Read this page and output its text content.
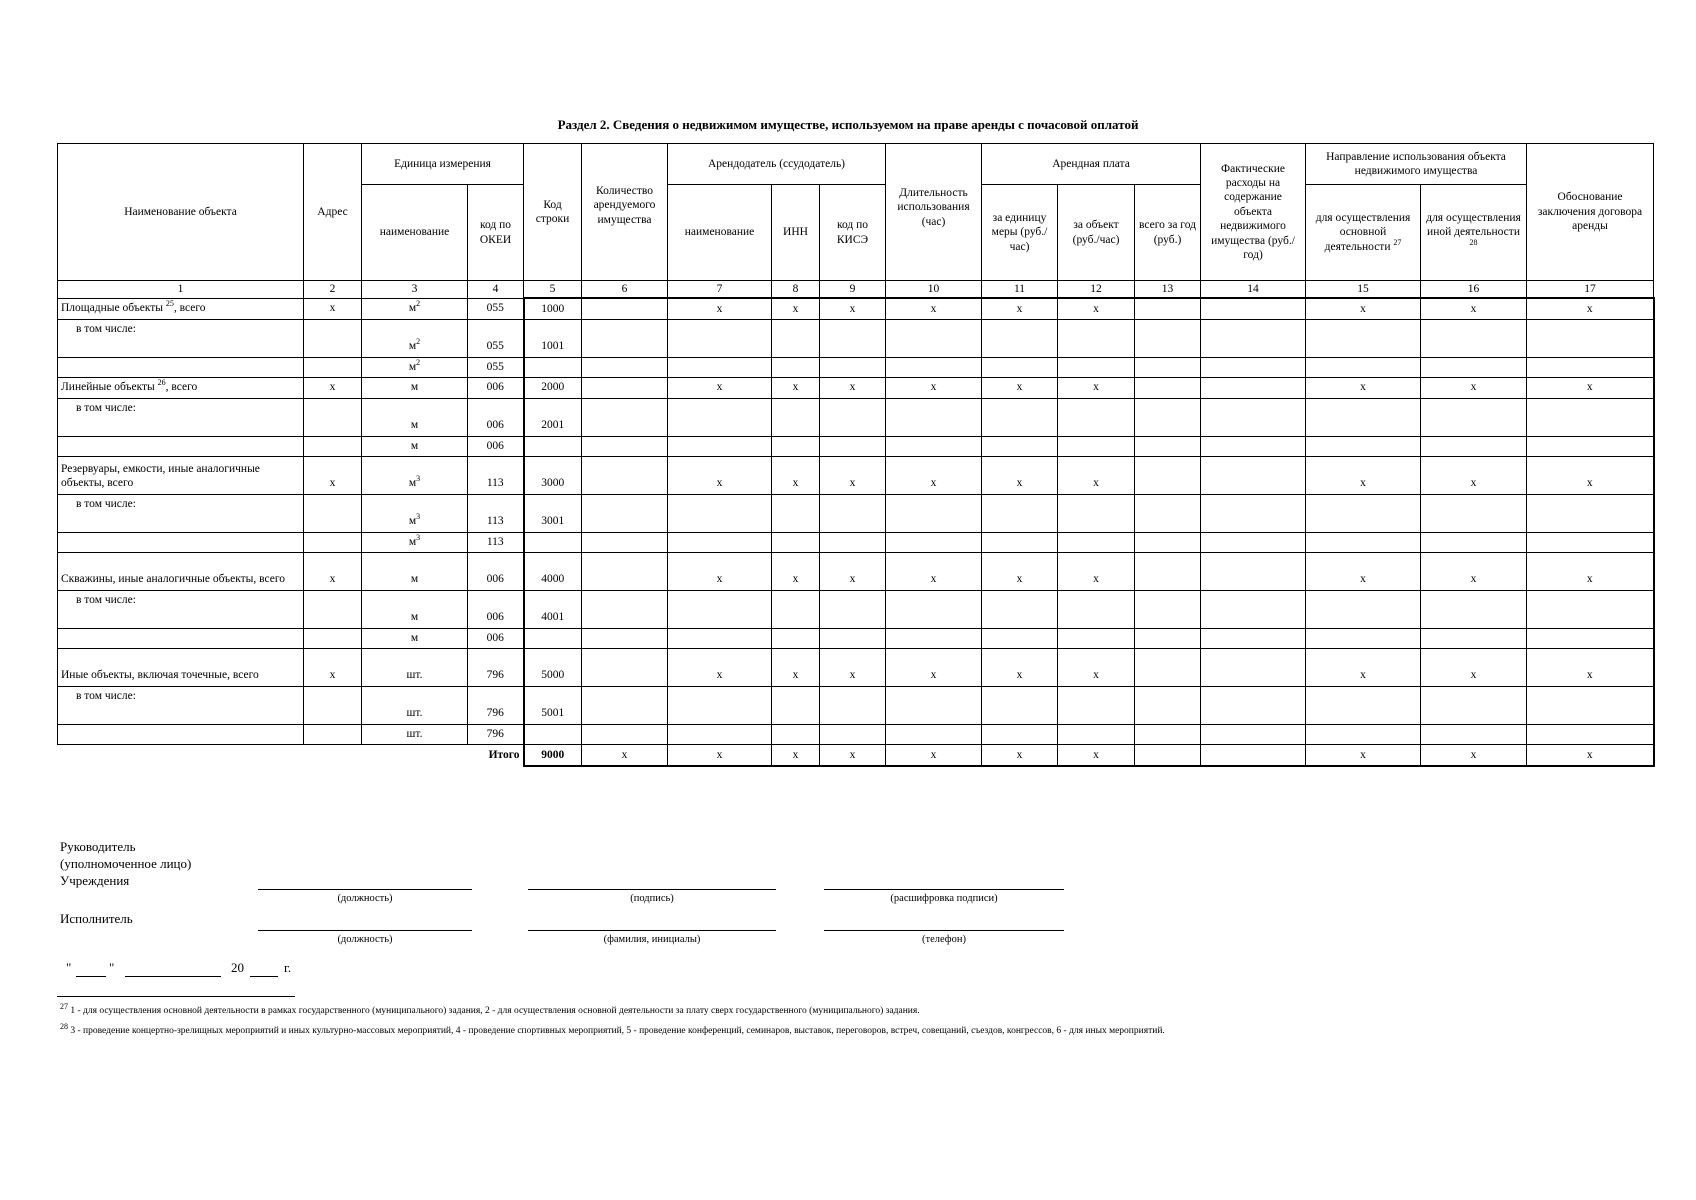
Раздел 2. Сведения о недвижимом имуществе, используемом на праве аренды с почасовой оплатой
Наименование объекта	Адрес	Единица измерения		Код строки	Количество арендуемого имущества	Арендодатель (ссудодатель)			Длительность использования (час)	Арендная плата			Фактические расходы на содержание объекта недвижимого имущества (руб./год)	Направление использования объекта недвижимого имущества		Обоснование заключения договора аренды
		наименование	код по ОКЕИ			наименование	ИНН	код по КИСЭ		за единицу меры (руб./час)	за объект (руб./час)	всего за год (руб.)		для осуществления основной деятельности $^{27}$	для осуществления иной деятельности $^{28}$
1	2	3	4	5	6	7	8	9	10	11	12	13	14	15	16	17
Площадные объекты $^{25}$, всего	х	$м^2$	055	1000		х	х	х	х	х	х			х	х	х
в том числе:		$м^2$	055	1001												
		$м^2$	055													
Линейные объекты $^{26}$, всего	х	м	006	2000		х	х	х	х	х	х			х	х	х
в том числе:		м	006	2001												
		м	006													
Резервуары, емкости, иные аналогичные объекты, всего	х	$м^3$	113	3000		х	х	х	х	х	х			х	х	х
в том числе:		$м^3$	113	3001												
		$м^3$	113													
Скважины, иные аналогичные объекты, всего	х	м	006	4000		х	х	х	х	х	х			х	х	х
в том числе:		м	006	4001												
		м	006													
Иные объекты, включая точечные, всего	х	шт.	796	5000		х	х	х	х	х	х			х	х	х
в том числе:		шт.	796	5001												
		шт.	796													
Итого				9000	х	х	х	х	х	х	х			х	х	х
Руководитель
(уполномоченное лицо)
Учреждения
(должность)	(подпись)	(расшифровка подписи)
Исполнитель
(должность)	(фамилия, инициалы)	(телефон)
"	"	20	г.
$^{27}$ 1 - для осуществления основной деятельности в рамках государственного (муниципального) задания, 2 - для осуществления основной деятельности за плату сверх государственного (муниципального) задания.
$^{28}$ 3 - проведение концертно-зрелищных мероприятий и иных культурно-массовых мероприятий, 4 - проведение спортивных мероприятий, 5 - проведение конференций, семинаров, выставок, переговоров, встреч, совещаний, съездов, конгрессов, 6 - для иных мероприятий.
